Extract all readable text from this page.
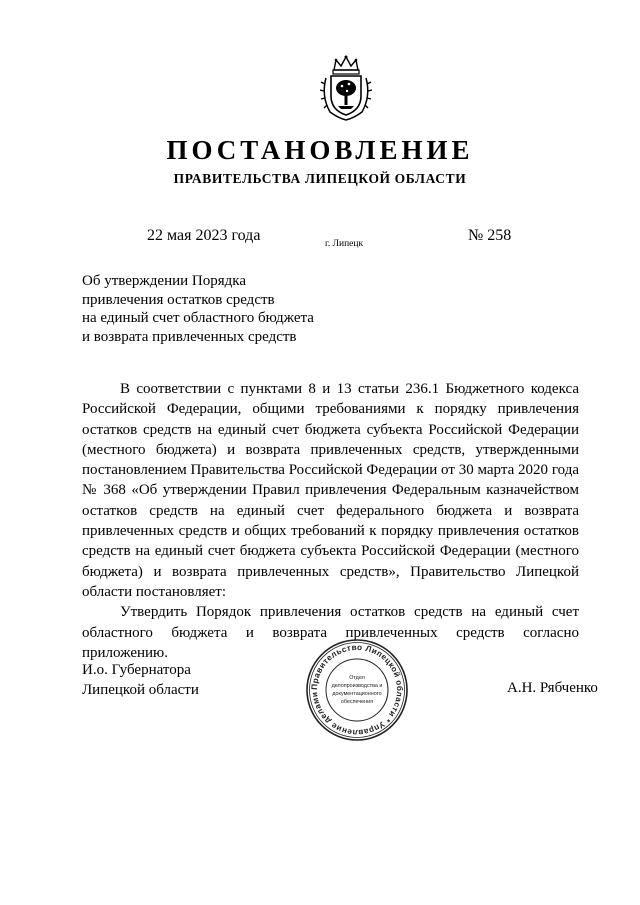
ПОСТАНОВЛЕНИЕ
ПРАВИТЕЛЬСТВА ЛИПЕЦКОЙ ОБЛАСТИ
22 мая 2023 года	г. Липецк	№ 258
Об утверждении Порядка
привлечения остатков средств
на единый счет областного бюджета
и возврата привлеченных средств

В соответствии с пунктами 8 и 13 статьи 236.1 Бюджетного кодекса Российской Федерации, общими требованиями к порядку привлечения остатков средств на единый счет бюджета субъекта Российской Федерации (местного бюджета) и возврата привлеченных средств, утвержденными постановлением Правительства Российской Федерации от 30 марта 2020 года № 368 «Об утверждении Правил привлечения Федеральным казначейством остатков средств на единый счет федерального бюджета и возврата привлеченных средств и общих требований к порядку привлечения остатков средств на единый счет бюджета субъекта Российской Федерации (местного бюджета) и возврата привлеченных средств», Правительство Липецкой области постановляет:

Утвердить Порядок привлечения остатков средств на единый счет областного бюджета и возврата привлеченных средств согласно приложению.

И.о. Губернатора
Липецкой области	Правительство Липецкой области * Управление делами
Отдел
делопроизводства и
документационного
обеспечения
А.Н. Рябченко
